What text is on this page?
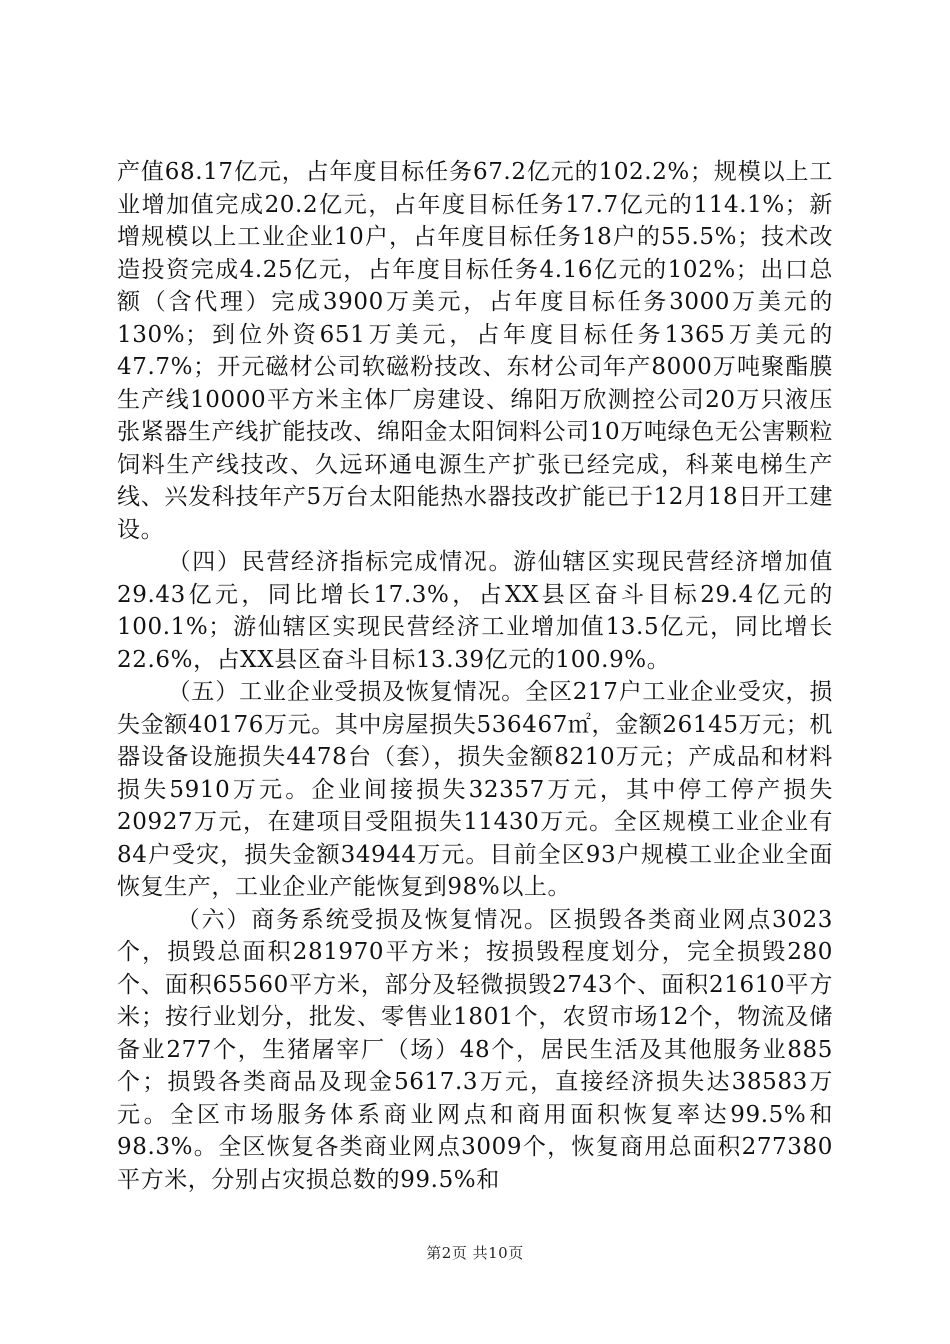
产值68.17亿元，占年度目标任务67.2亿元的102.2%；规模以上工业增加值完成20.2亿元，占年度目标任务17.7亿元的114.1%；新增规模以上工业企业10户，占年度目标任务18户的55.5%；技术改造投资完成4.25亿元，占年度目标任务4.16亿元的102%；出口总额（含代理）完成3900万美元，占年度目标任务3000万美元的130%；到位外资651万美元，占年度目标任务1365万美元的47.7%；开元磁材公司软磁粉技改、东材公司年产8000万吨聚酯膜生产线10000平方米主体厂房建设、绵阳万欣测控公司20万只液压张紧器生产线扩能技改、绵阳金太阳饲料公司10万吨绿色无公害颗粒饲料生产线技改、久远环通电源生产扩张已经完成，科莱电梯生产线、兴发科技年产5万台太阳能热水器技改扩能已于12月18日开工建设。

（四）民营经济指标完成情况。游仙辖区实现民营经济增加值29.43亿元，同比增长17.3%，占XX县区奋斗目标29.4亿元的100.1%；游仙辖区实现民营经济工业增加值13.5亿元，同比增长22.6%，占XX县区奋斗目标13.39亿元的100.9%。

（五）工业企业受损及恢复情况。全区217户工业企业受灾，损失金额40176万元。其中房屋损失536467㎡，金额26145万元；机器设备设施损失4478台（套），损失金额8210万元；产成品和材料损失5910万元。企业间接损失32357万元，其中停工停产损失20927万元，在建项目受阻损失11430万元。全区规模工业企业有84户受灾，损失金额34944万元。目前全区93户规模工业企业全面恢复生产，工业企业产能恢复到98%以上。

（六）商务系统受损及恢复情况。区损毁各类商业网点3023个，损毁总面积281970平方米；按损毁程度划分，完全损毁280个、面积65560平方米，部分及轻微损毁2743个、面积21610平方米；按行业划分，批发、零售业1801个，农贸市场12个，物流及储备业277个，生猪屠宰厂（场）48个，居民生活及其他服务业885个；损毁各类商品及现金5617.3万元，直接经济损失达38583万元。全区市场服务体系商业网点和商用面积恢复率达99.5%和98.3%。全区恢复各类商业网点3009个，恢复商用总面积277380平方米，分别占灾损总数的99.5%和

第2页 共10页
